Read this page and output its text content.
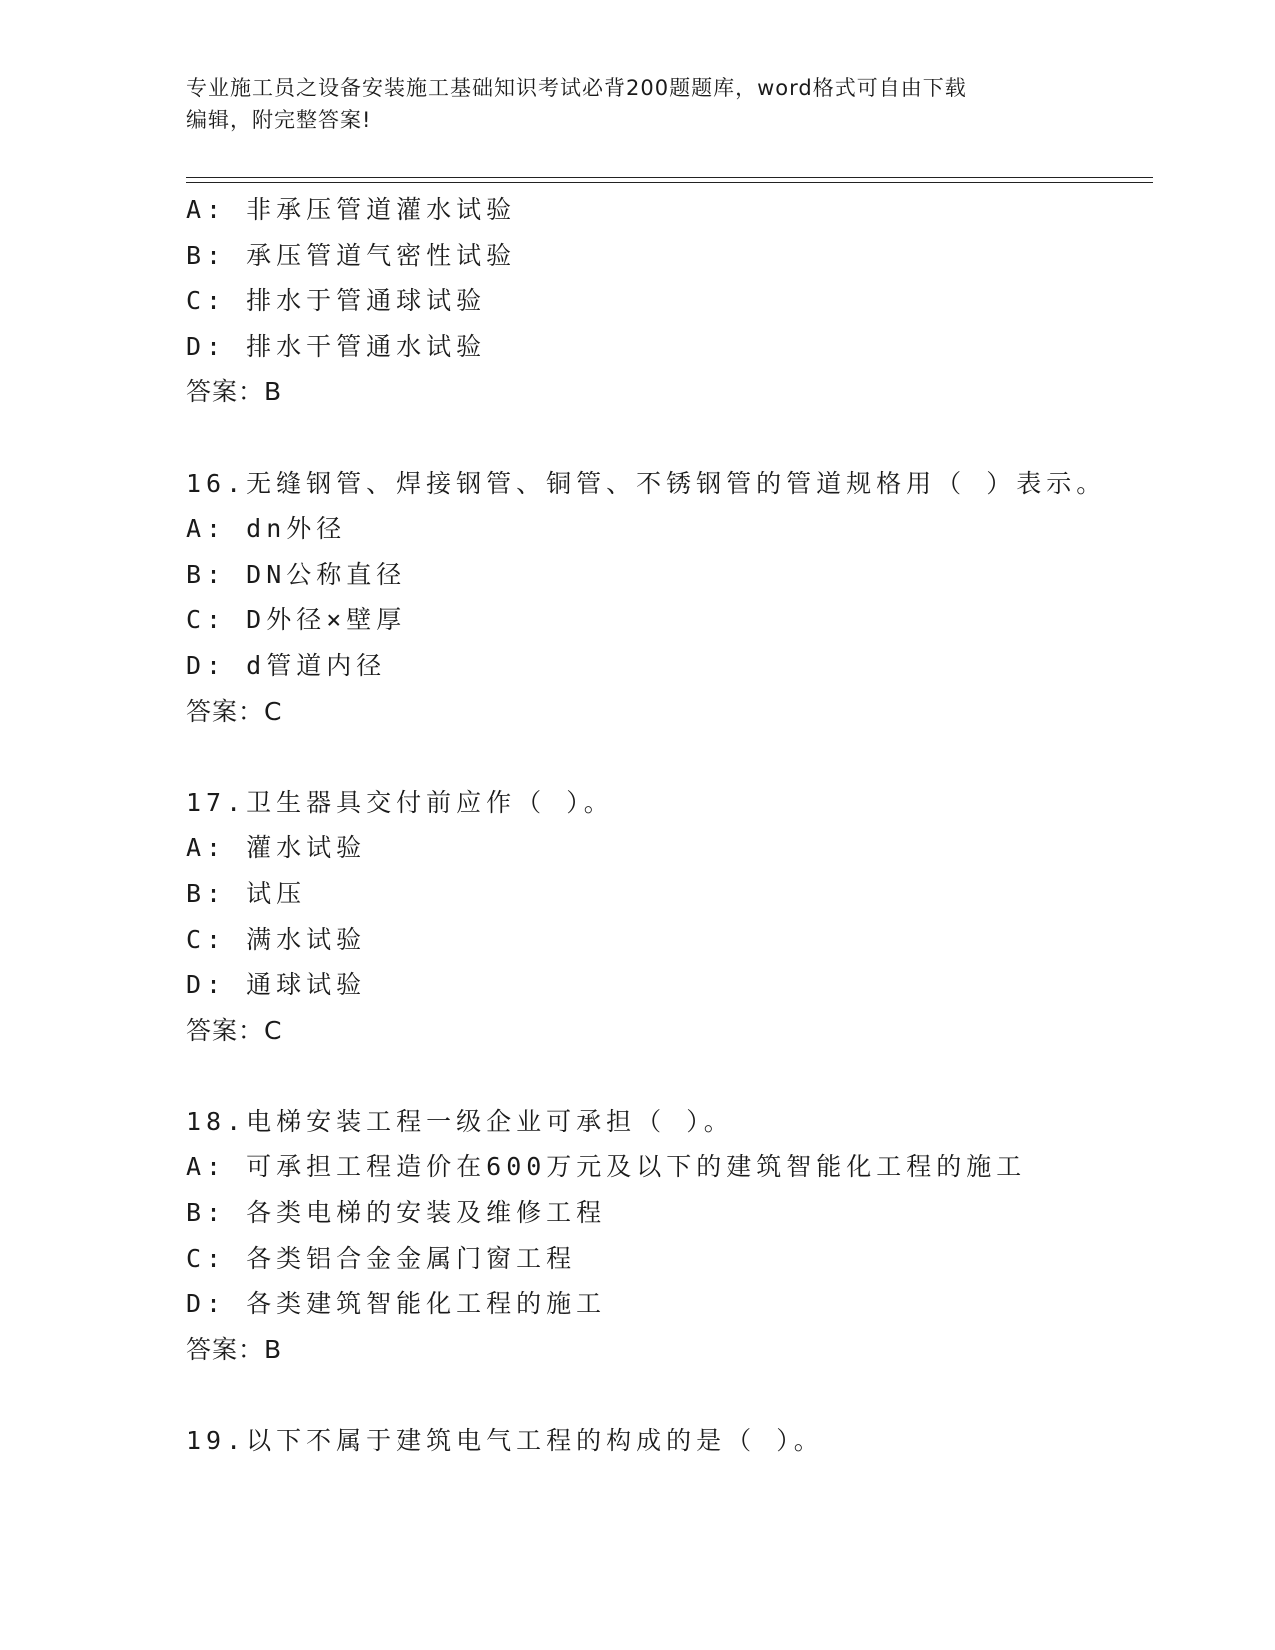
专业施工员之设备安装施工基础知识考试必背200题题库，word格式可自由下载
编辑，附完整答案!
A: 非承压管道灌水试验
B: 承压管道气密性试验
C: 排水于管通球试验
D: 排水干管通水试验
答案：B
16.无缝钢管、焊接钢管、铜管、不锈钢管的管道规格用（ ）表示。
A: dn外径
B: DN公称直径
C: D外径×壁厚
D: d管道内径
答案：C
17.卫生器具交付前应作（ ）。
A: 灌水试验
B: 试压
C: 满水试验
D: 通球试验
答案：C
18.电梯安装工程一级企业可承担（ ）。
A: 可承担工程造价在600万元及以下的建筑智能化工程的施工
B: 各类电梯的安装及维修工程
C: 各类铝合金金属门窗工程
D: 各类建筑智能化工程的施工
答案：B
19.以下不属于建筑电气工程的构成的是（ ）。
